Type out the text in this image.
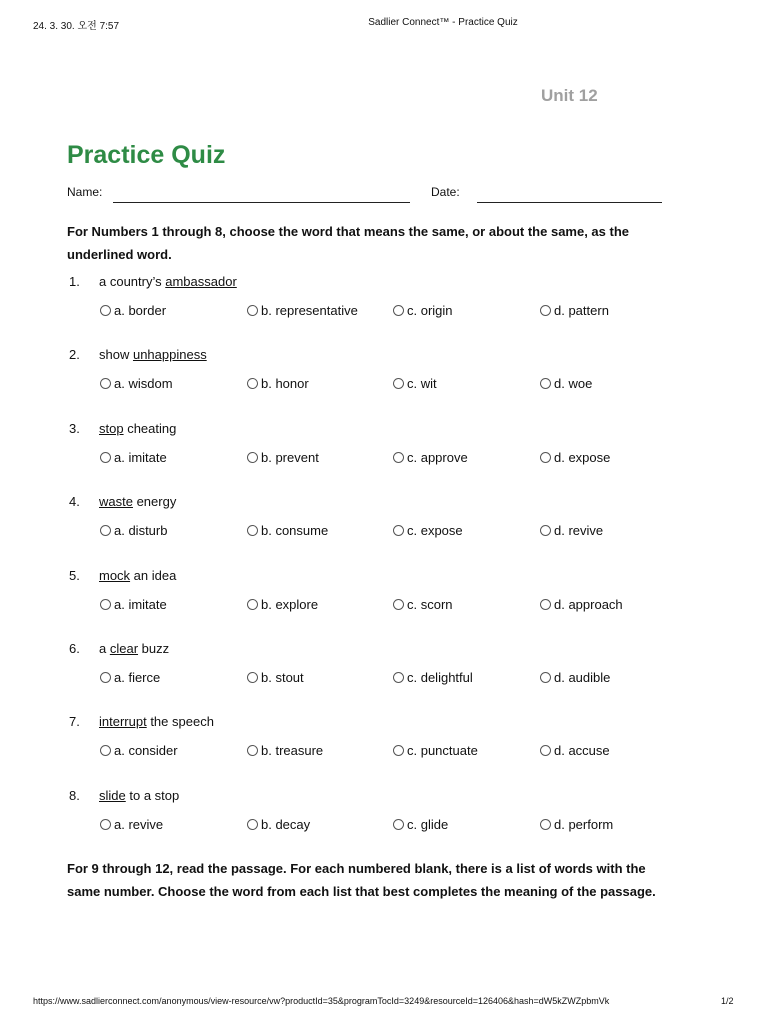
24. 3. 30. 오전 7:57	Sadlier Connect™ - Practice Quiz
Unit 12
Practice Quiz
Name:	Date:

For Numbers 1 through 8, choose the word that means the same, or about the same, as the underlined word.

1. a country’s ambassador
a. border	b. representative	c. origin	d. pattern
2. show unhappiness
a. wisdom	b. honor	c. wit	d. woe
3. stop cheating
a. imitate	b. prevent	c. approve	d. expose
4. waste energy
a. disturb	b. consume	c. expose	d. revive
5. mock an idea
a. imitate	b. explore	c. scorn	d. approach
6. a clear buzz
a. fierce	b. stout	c. delightful	d. audible
7. interrupt the speech
a. consider	b. treasure	c. punctuate	d. accuse
8. slide to a stop
a. revive	b. decay	c. glide	d. perform

For 9 through 12, read the passage. For each numbered blank, there is a list of words with the same number. Choose the word from each list that best completes the meaning of the passage.

https://www.sadlierconnect.com/anonymous/view-resource/vw?productId=35&programTocId=3249&resourceId=126406&hash=dW5kZWZpbmVk	1/2
